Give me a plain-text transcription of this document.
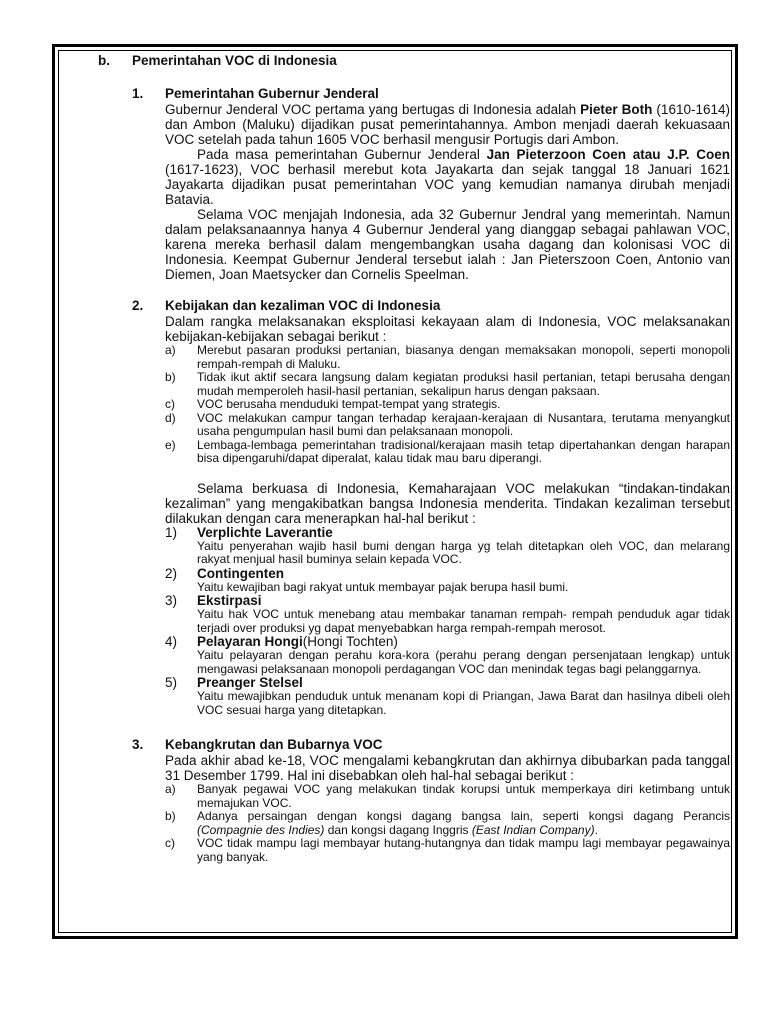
b.	Pemerintahan VOC di Indonesia
1.	Pemerintahan Gubernur Jenderal

Gubernur Jenderal VOC pertama yang bertugas di Indonesia adalah Pieter Both (1610-1614) dan Ambon (Maluku) dijadikan pusat pemerintahannya. Ambon menjadi daerah kekuasaan VOC setelah pada tahun 1605 VOC berhasil mengusir Portugis dari Ambon.

Pada masa pemerintahan Gubernur Jenderal Jan Pieterzoon Coen atau J.P. Coen (1617-1623), VOC berhasil merebut kota Jayakarta dan sejak tanggal 18 Januari 1621 Jayakarta dijadikan pusat pemerintahan VOC yang kemudian namanya dirubah menjadi Batavia.

Selama VOC menjajah Indonesia, ada 32 Gubernur Jendral yang memerintah. Namun dalam pelaksanaannya hanya 4 Gubernur Jenderal yang dianggap sebagai pahlawan VOC, karena mereka berhasil dalam mengembangkan usaha dagang dan kolonisasi VOC di Indonesia. Keempat Gubernur Jenderal tersebut ialah : Jan Pieterszoon Coen, Antonio van Diemen, Joan Maetsycker dan Cornelis Speelman.

2.	Kebijakan dan kezaliman VOC di Indonesia

Dalam rangka melaksanakan eksploitasi kekayaan alam di Indonesia, VOC melaksanakan kebijakan-kebijakan sebagai berikut :

a)	Merebut pasaran produksi pertanian, biasanya dengan memaksakan monopoli, seperti monopoli rempah-rempah di Maluku.
b)	Tidak ikut aktif secara langsung dalam kegiatan produksi hasil pertanian, tetapi berusaha dengan mudah memperoleh hasil-hasil pertanian, sekalipun harus dengan paksaan.
c)	VOC berusaha menduduki tempat-tempat yang strategis.
d)	VOC melakukan campur tangan terhadap kerajaan-kerajaan di Nusantara, terutama menyangkut usaha pengumpulan hasil bumi dan pelaksanaan monopoli.
e)	Lembaga-lembaga pemerintahan tradisional/kerajaan masih tetap dipertahankan dengan harapan bisa dipengaruhi/dapat diperalat, kalau tidak mau baru diperangi.

Selama berkuasa di Indonesia, Kemaharajaan VOC melakukan “tindakan-tindakan kezaliman” yang mengakibatkan bangsa Indonesia menderita. Tindakan kezaliman tersebut dilakukan dengan cara menerapkan hal-hal berikut :

1)	Verplichte Laverantie
Yaitu penyerahan wajib hasil bumi dengan harga yg telah ditetapkan oleh VOC, dan melarang rakyat menjual hasil buminya selain kepada VOC.
2)	Contingenten
Yaitu kewajiban bagi rakyat untuk membayar pajak berupa hasil bumi.
3)	Ekstirpasi
Yaitu hak VOC untuk menebang atau membakar tanaman rempah- rempah penduduk agar tidak terjadi over produksi yg dapat menyebabkan harga rempah-rempah merosot.
4)	Pelayaran Hongi (Hongi Tochten)
Yaitu pelayaran dengan perahu kora-kora (perahu perang dengan persenjataan lengkap) untuk mengawasi pelaksanaan monopoli perdagangan VOC dan menindak tegas bagi pelanggarnya.
5)	Preanger Stelsel
Yaitu mewajibkan penduduk untuk menanam kopi di Priangan, Jawa Barat dan hasilnya dibeli oleh VOC sesuai harga yang ditetapkan.
3.	Kebangkrutan dan Bubarnya VOC

Pada akhir abad ke-18, VOC mengalami kebangkrutan dan akhirnya dibubarkan pada tanggal 31 Desember 1799. Hal ini disebabkan oleh hal-hal sebagai berikut :

a)	Banyak pegawai VOC yang melakukan tindak korupsi untuk memperkaya diri ketimbang untuk memajukan VOC.
b)	Adanya persaingan dengan kongsi dagang bangsa lain, seperti kongsi dagang Perancis (Compagnie des Indies) dan kongsi dagang Inggris (East Indian Company).
c)	VOC tidak mampu lagi membayar hutang-hutangnya dan tidak mampu lagi membayar pegawainya yang banyak.
